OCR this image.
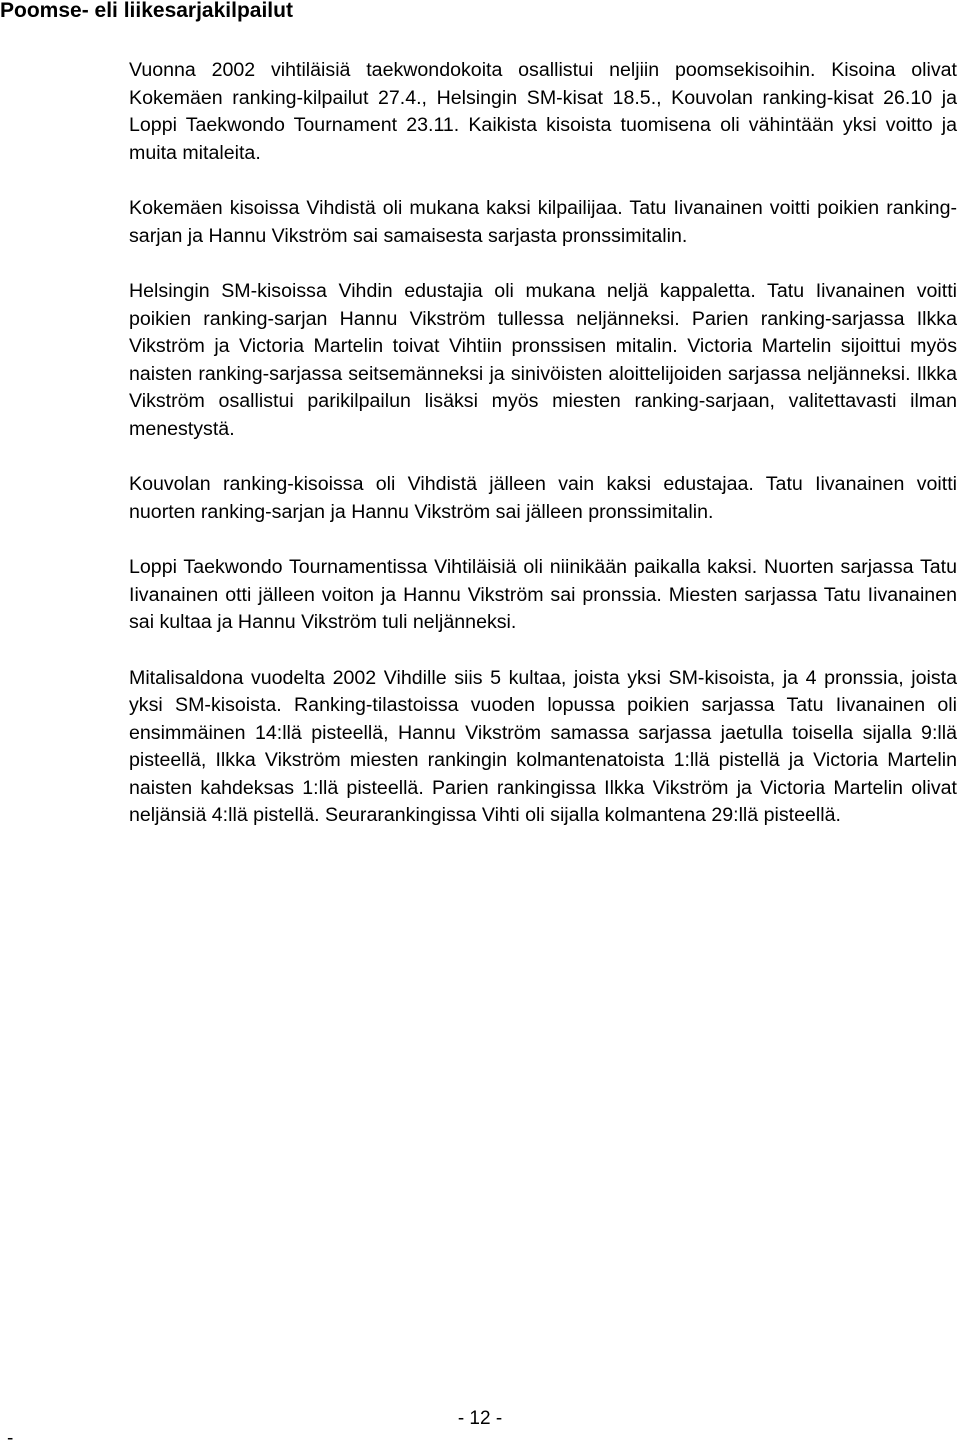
Poomse- eli liikesarjakilpailut

Vuonna 2002 vihtiläisiä taekwondokoita osallistui neljiin poomsekisoihin. Kisoina olivat Kokemäen ranking-kilpailut 27.4., Helsingin SM-kisat 18.5., Kouvolan ranking-kisat 26.10 ja Loppi Taekwondo Tournament 23.11. Kaikista kisoista tuomisena oli vähintään yksi voitto ja muita mitaleita.

Kokemäen kisoissa Vihdistä oli mukana kaksi kilpailijaa. Tatu Iivanainen voitti poikien ranking-sarjan ja Hannu Vikström sai samaisesta sarjasta pronssimitalin.

Helsingin SM-kisoissa Vihdin edustajia oli mukana neljä kappaletta. Tatu Iivanainen voitti poikien ranking-sarjan Hannu Vikström tullessa neljänneksi. Parien ranking-sarjassa Ilkka Vikström ja Victoria Martelin toivat Vihtiin pronssisen mitalin. Victoria Martelin sijoittui myös naisten ranking-sarjassa seitsemänneksi ja sinivöisten aloittelijoiden sarjassa neljänneksi. Ilkka Vikström osallistui parikilpailun lisäksi myös miesten ranking-sarjaan, valitettavasti ilman menestystä.

Kouvolan ranking-kisoissa oli Vihdistä jälleen vain kaksi edustajaa. Tatu Iivanainen voitti nuorten ranking-sarjan ja Hannu Vikström sai jälleen pronssimitalin.

Loppi Taekwondo Tournamentissa Vihtiläisiä oli niinikään paikalla kaksi. Nuorten sarjassa Tatu Iivanainen otti jälleen voiton ja Hannu Vikström sai pronssia. Miesten sarjassa Tatu Iivanainen sai kultaa ja Hannu Vikström tuli neljänneksi.

Mitalisaldona vuodelta 2002 Vihdille siis 5 kultaa, joista yksi SM-kisoista, ja 4 pronssia, joista yksi SM-kisoista. Ranking-tilastoissa vuoden lopussa poikien sarjassa Tatu Iivanainen oli ensimmäinen 14:llä pisteellä, Hannu Vikström samassa sarjassa jaetulla toisella sijalla 9:llä pisteellä, Ilkka Vikström miesten rankingin kolmantenatoista 1:llä pistellä ja Victoria Martelin naisten kahdeksas 1:llä pisteellä. Parien rankingissa Ilkka Vikström ja Victoria Martelin olivat neljänsiä 4:llä pistellä. Seurarankingissa Vihti oli sijalla kolmantena 29:llä pisteellä.

- 12 -
-
